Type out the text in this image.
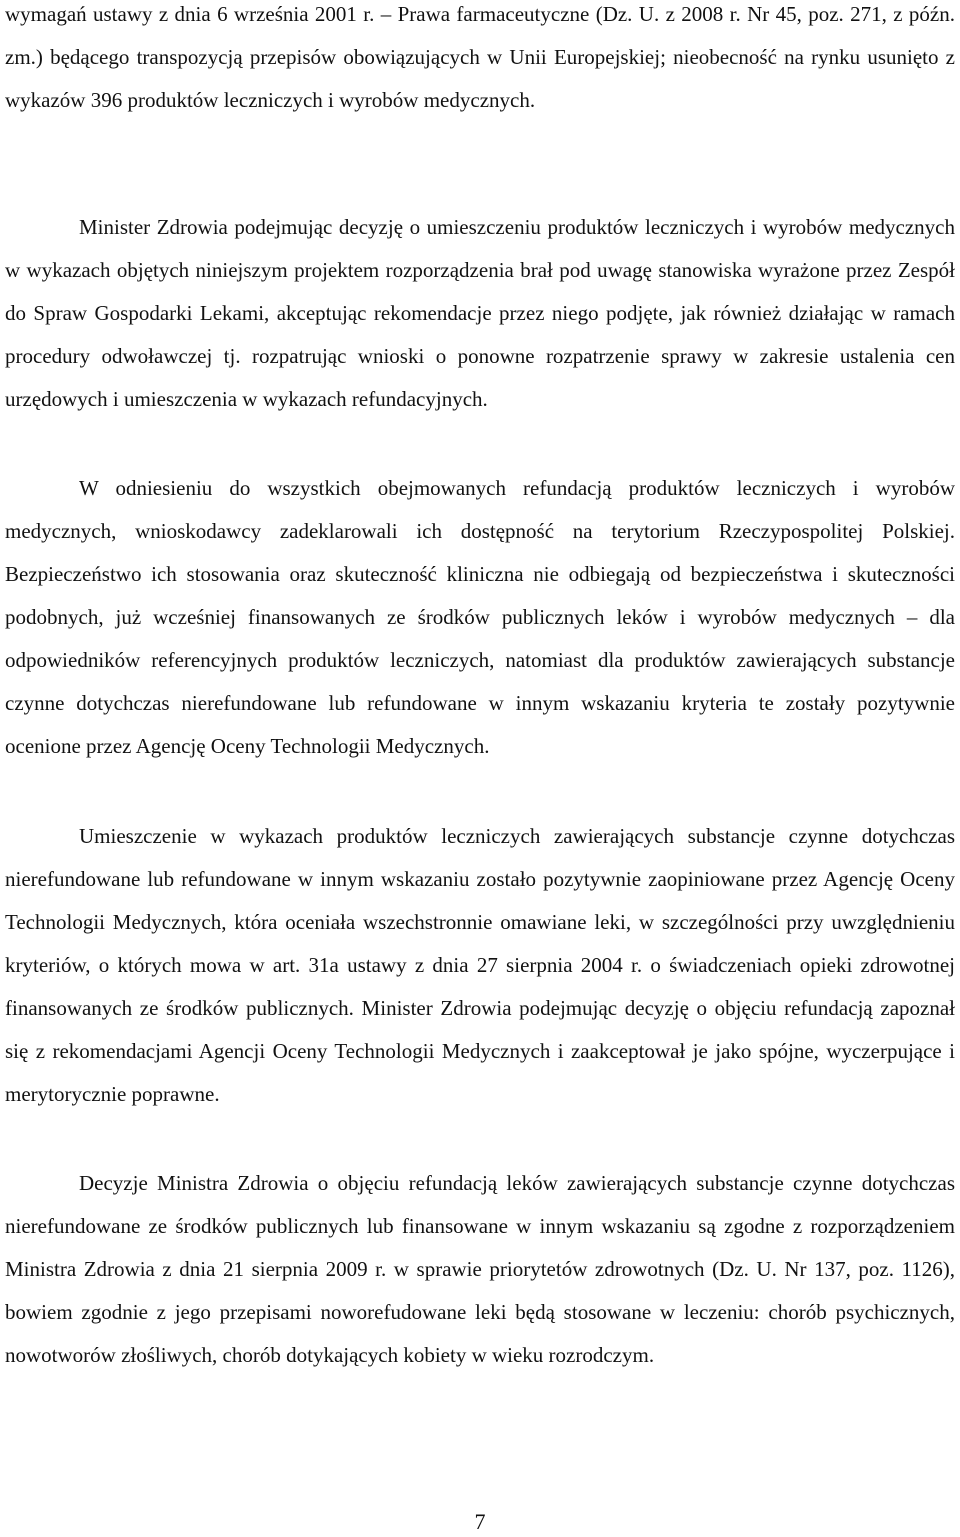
wymagań ustawy z dnia 6 września 2001 r. – Prawa farmaceutyczne (Dz. U. z 2008 r. Nr 45, poz. 271, z późn. zm.) będącego transpozycją przepisów obowiązujących w Unii Europejskiej; nieobecność na rynku usunięto z wykazów 396 produktów leczniczych i wyrobów medycznych.

Minister Zdrowia podejmując decyzję o umieszczeniu produktów leczniczych i wyrobów medycznych w wykazach objętych niniejszym projektem rozporządzenia brał pod uwagę stanowiska wyrażone przez Zespół do Spraw Gospodarki Lekami, akceptując rekomendacje przez niego podjęte, jak również działając w ramach procedury odwoławczej tj. rozpatrując wnioski o ponowne rozpatrzenie sprawy w zakresie ustalenia cen urzędowych i umieszczenia w wykazach refundacyjnych.

W odniesieniu do wszystkich obejmowanych refundacją produktów leczniczych i wyrobów medycznych, wnioskodawcy zadeklarowali ich dostępność na terytorium Rzeczypospolitej Polskiej. Bezpieczeństwo ich stosowania oraz skuteczność kliniczna nie odbiegają od bezpieczeństwa i skuteczności podobnych, już wcześniej finansowanych ze środków publicznych leków i wyrobów medycznych – dla odpowiedników referencyjnych produktów leczniczych, natomiast dla produktów zawierających substancje czynne dotychczas nierefundowane lub refundowane w innym wskazaniu kryteria te zostały pozytywnie ocenione przez Agencję Oceny Technologii Medycznych.

Umieszczenie w wykazach produktów leczniczych zawierających substancje czynne dotychczas nierefundowane lub refundowane w innym wskazaniu zostało pozytywnie zaopiniowane przez Agencję Oceny Technologii Medycznych, która oceniała wszechstronnie omawiane leki, w szczególności przy uwzględnieniu kryteriów, o których mowa w art. 31a ustawy z dnia 27 sierpnia 2004 r. o świadczeniach opieki zdrowotnej finansowanych ze środków publicznych. Minister Zdrowia podejmując decyzję o objęciu refundacją zapoznał się z rekomendacjami Agencji Oceny Technologii Medycznych i zaakceptował je jako spójne, wyczerpujące i merytorycznie poprawne.

Decyzje Ministra Zdrowia o objęciu refundacją leków zawierających substancje czynne dotychczas nierefundowane ze środków publicznych lub finansowane w innym wskazaniu są zgodne z rozporządzeniem Ministra Zdrowia z dnia 21 sierpnia 2009 r. w sprawie priorytetów zdrowotnych (Dz. U. Nr 137, poz. 1126), bowiem zgodnie z jego przepisami noworefudowane leki będą stosowane w leczeniu: chorób psychicznych, nowotworów złośliwych, chorób dotykających kobiety w wieku rozrodczym.

7
